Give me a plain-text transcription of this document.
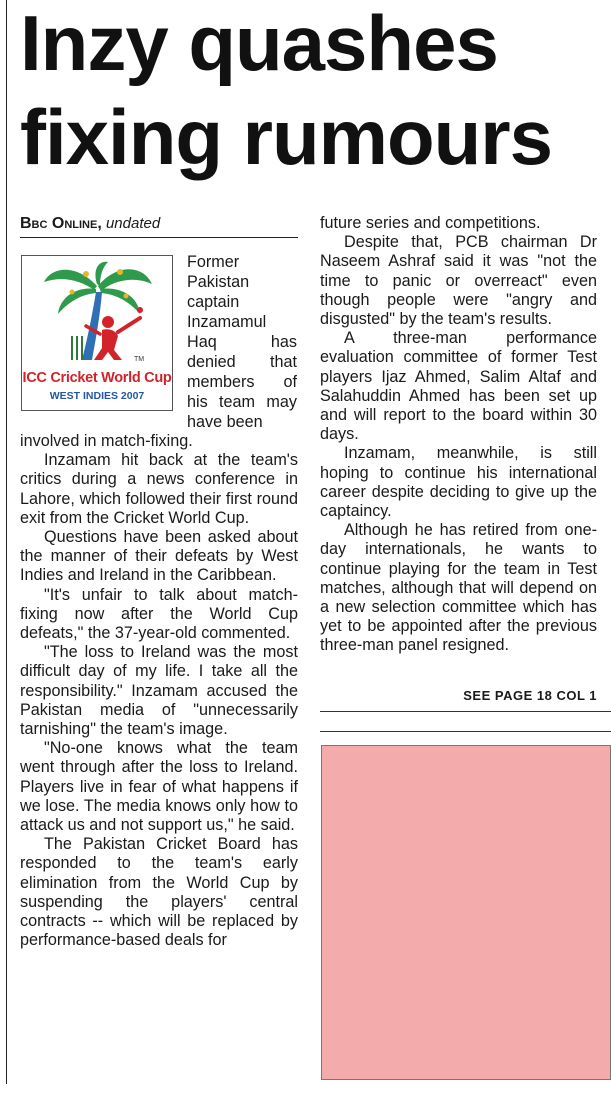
Inzy quashes fixing rumours
Bbc Online, undated
TM
ICC Cricket World Cup
WEST INDIES 2007

Former Pakistan captain Inzamamul Haq has denied that members of his team may have been

involved in match-fixing.

Inzamam hit back at the team's critics during a news conference in Lahore, which followed their first round exit from the Cricket World Cup.

Questions have been asked about the manner of their defeats by West Indies and Ireland in the Caribbean.

"It's unfair to talk about match-fixing now after the World Cup defeats," the 37-year-old commented.

"The loss to Ireland was the most difficult day of my life. I take all the responsibility." Inzamam accused the Pakistan media of "unnecessarily tarnishing" the team's image.

"No-one knows what the team went through after the loss to Ireland. Players live in fear of what happens if we lose. The media knows only how to attack us and not support us," he said.

The Pakistan Cricket Board has responded to the team's early elimination from the World Cup by suspending the players' central contracts -- which will be replaced by performance-based deals for

future series and competitions.

Despite that, PCB chairman Dr Naseem Ashraf said it was "not the time to panic or overreact" even though people were "angry and disgusted" by the team's results.

A three-man performance evaluation committee of former Test players Ijaz Ahmed, Salim Altaf and Salahuddin Ahmed has been set up and will report to the board within 30 days.

Inzamam, meanwhile, is still hoping to continue his international career despite deciding to give up the captaincy.

Although he has retired from one-day internationals, he wants to continue playing for the team in Test matches, although that will depend on a new selection committee which has yet to be appointed after the previous three-man panel resigned.

SEE PAGE 18 COL 1
